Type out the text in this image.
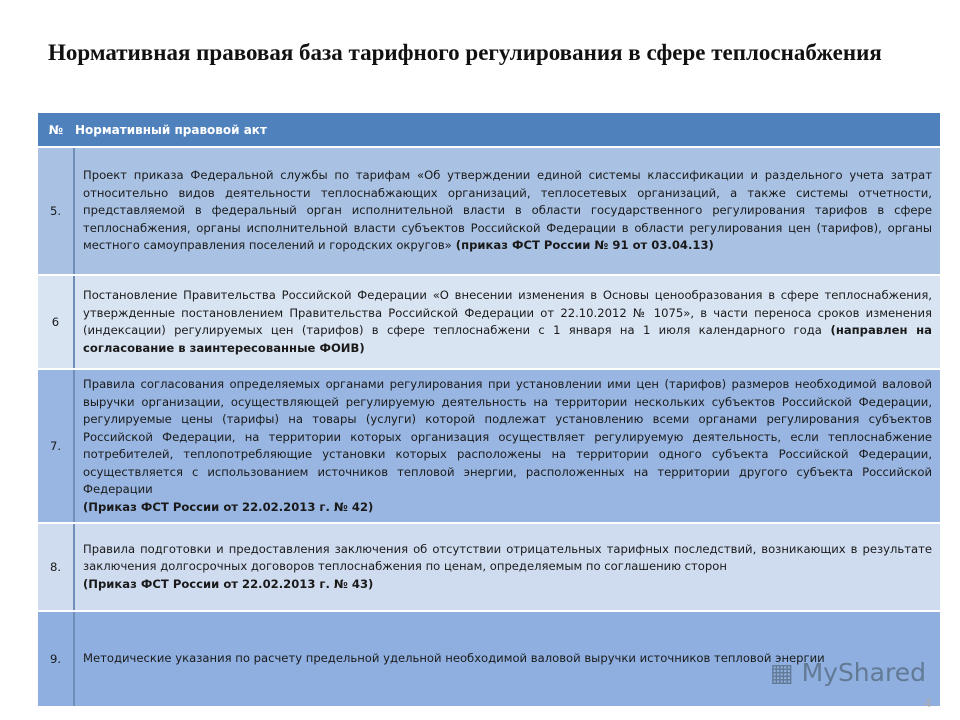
Нормативная правовая база тарифного регулирования в сфере теплоснабжения
№	Нормативный правовой акт
5.	Проект приказа Федеральной службы по тарифам «Об утверждении единой системы классификации и раздельного учета затрат относительно видов деятельности теплоснабжающих организаций, теплосетевых организаций, а также системы отчетности, представляемой в федеральный орган исполнительной власти в области государственного регулирования тарифов в сфере теплоснабжения, органы исполнительной власти субъектов Российской Федерации в области регулирования цен (тарифов), органы местного самоуправления поселений и городских округов» (приказ ФСТ России № 91 от 03.04.13)
6	Постановление Правительства Российской Федерации «О внесении изменения в Основы ценообразования в сфере теплоснабжения, утвержденные постановлением Правительства Российской Федерации от 22.10.2012 № 1075», в части переноса сроков изменения (индексации) регулируемых цен (тарифов) в сфере теплоснабжени с 1 января на 1 июля календарного года (направлен на согласование в заинтересованные ФОИВ)
7.	Правила согласования определяемых органами регулирования при установлении ими цен (тарифов) размеров необходимой валовой выручки организации, осуществляющей регулируемую деятельность на территории нескольких субъектов Российской Федерации, регулируемые цены (тарифы) на товары (услуги) которой подлежат установлению всеми органами регулирования субъектов Российской Федерации, на территории которых организация осуществляет регулируемую деятельность, если теплоснабжение потребителей, теплопотребляющие установки которых расположены на территории одного субъекта Российской Федерации, осуществляется с использованием источников тепловой энергии, расположенных на территории другого субъекта Российской Федерации
(Приказ ФСТ России от 22.02.2013 г. № 42)
8.	Правила подготовки и предоставления заключения об отсутствии отрицательных тарифных последствий, возникающих в результате заключения долгосрочных договоров теплоснабжения по ценам, определяемым по соглашению сторон
(Приказ ФСТ России от 22.02.2013 г. № 43)
9.	Методические указания по расчету предельной удельной необходимой валовой выручки источников тепловой энергии
▦ MyShared
4
